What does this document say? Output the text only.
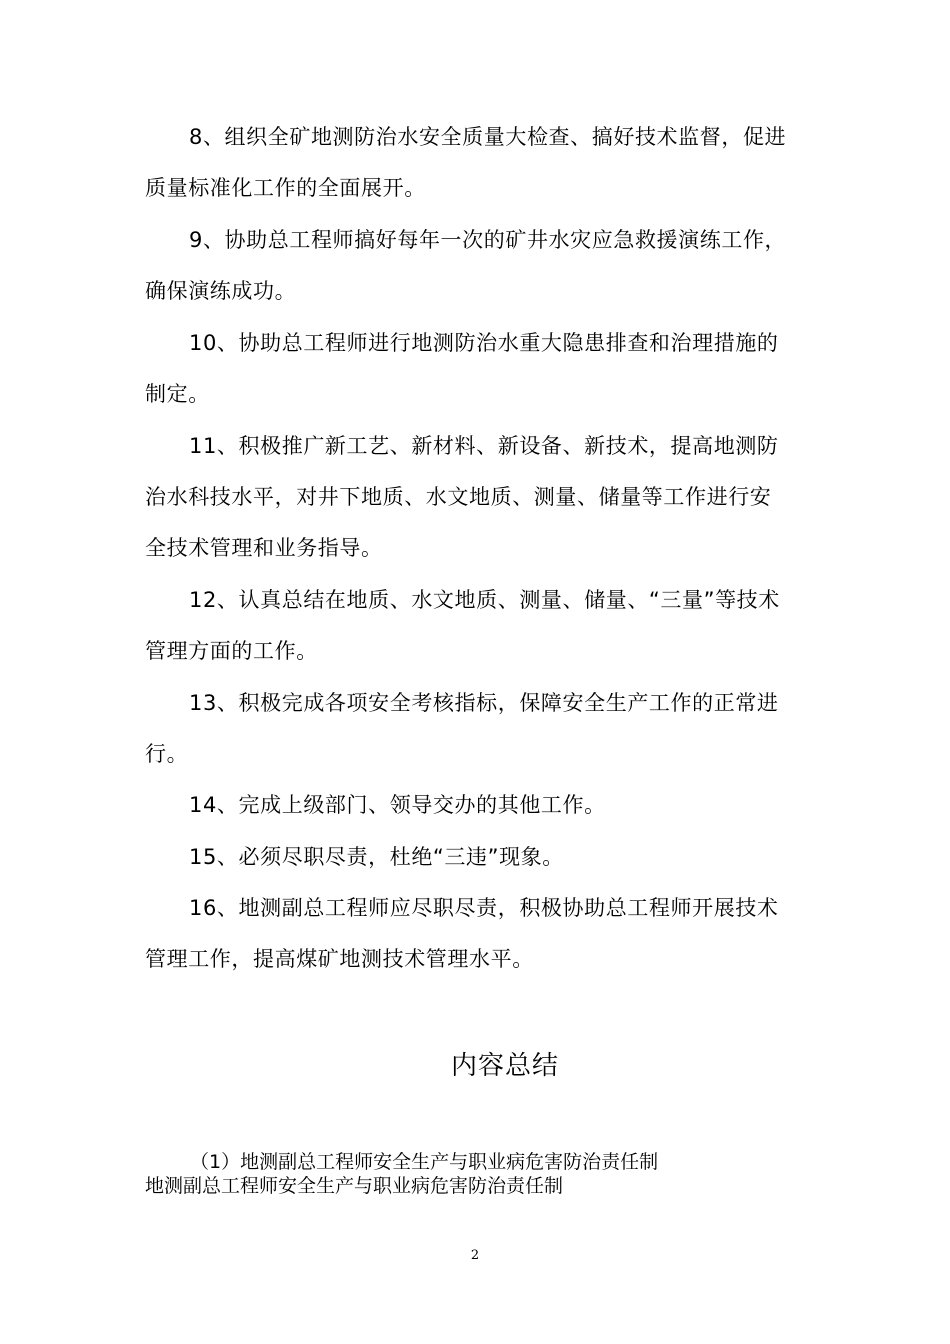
8、组织全矿地测防治水安全质量大检查、搞好技术监督，促进
质量标准化工作的全面展开。

9、协助总工程师搞好每年一次的矿井水灾应急救援演练工作，
确保演练成功。

10、协助总工程师进行地测防治水重大隐患排查和治理措施的
制定。

11、积极推广新工艺、新材料、新设备、新技术，提高地测防
治水科技水平，对井下地质、水文地质、测量、储量等工作进行安
全技术管理和业务指导。

12、认真总结在地质、水文地质、测量、储量、“三量”等技术
管理方面的工作。

13、积极完成各项安全考核指标，保障安全生产工作的正常进
行。

14、完成上级部门、领导交办的其他工作。

15、必须尽职尽责，杜绝“三违”现象。

16、地测副总工程师应尽职尽责，积极协助总工程师开展技术
管理工作，提高煤矿地测技术管理水平。

内容总结

（1）地测副总工程师安全生产与职业病危害防治责任制

地测副总工程师安全生产与职业病危害防治责任制

2
